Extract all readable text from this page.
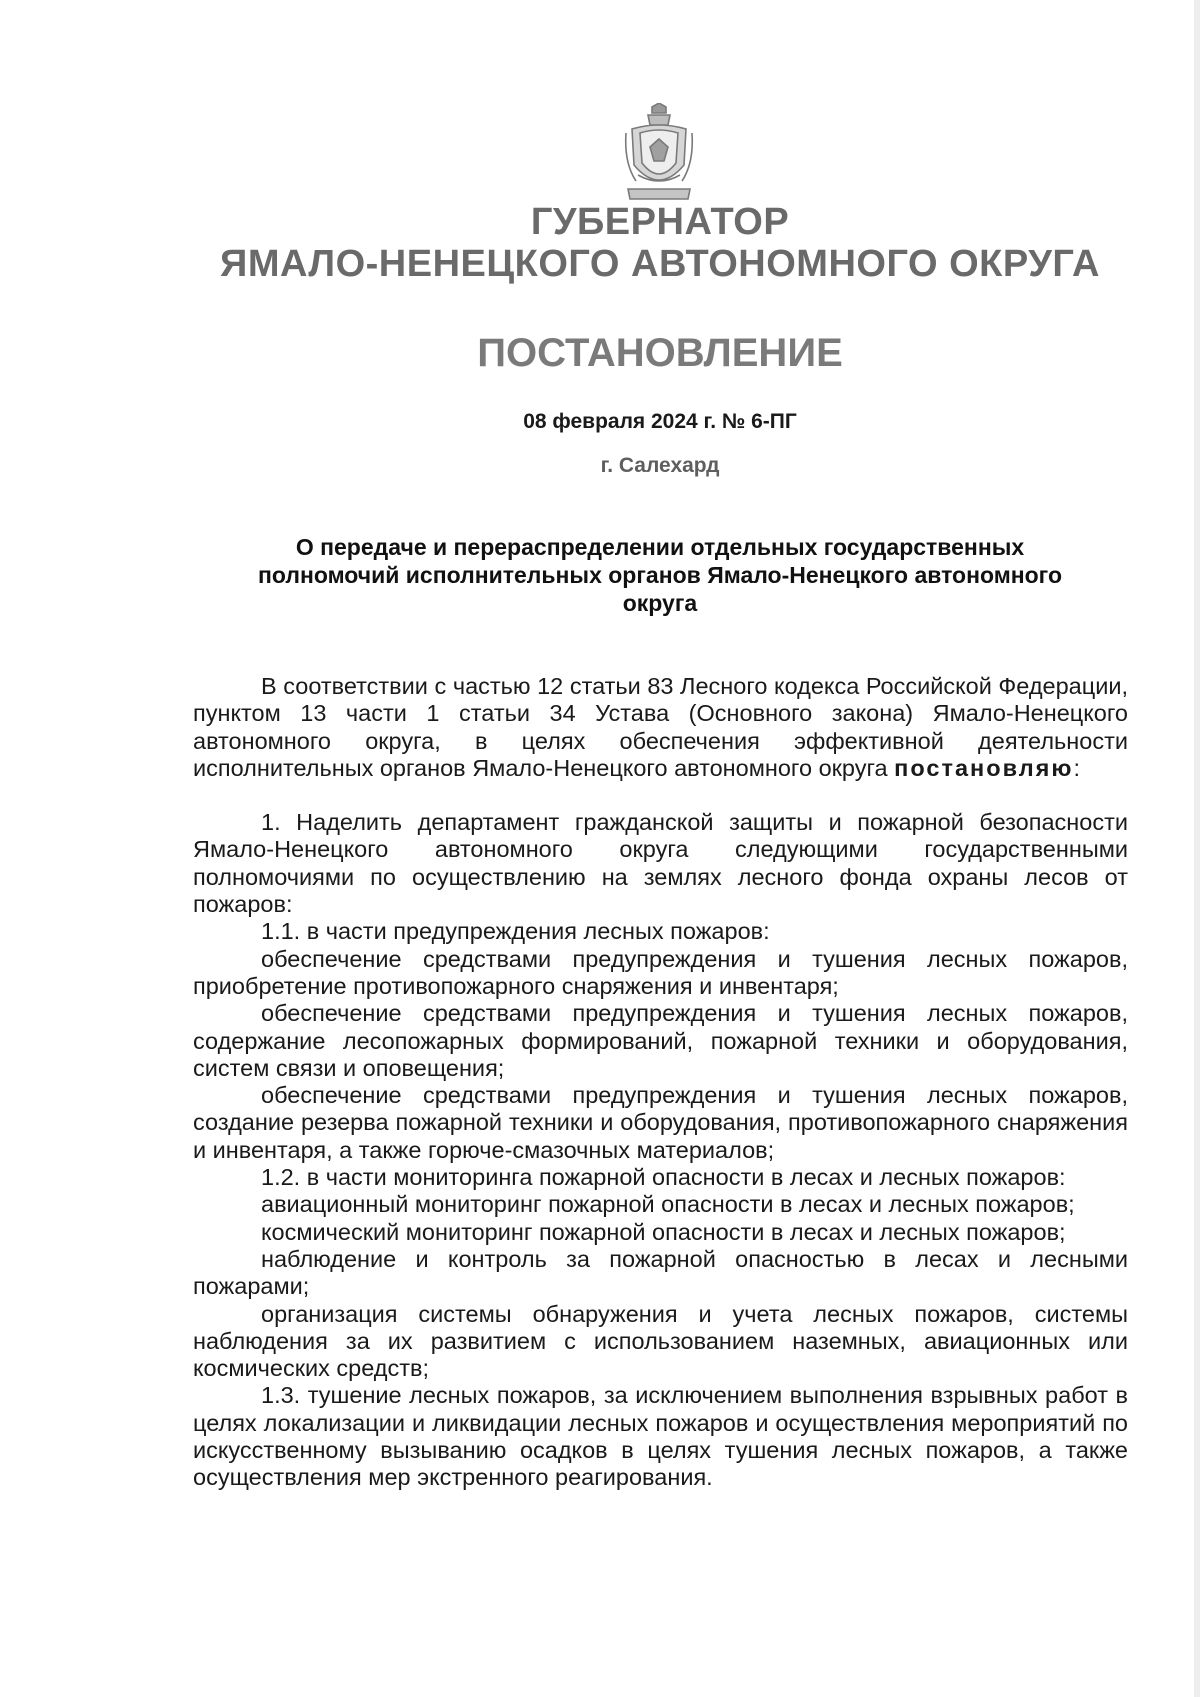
ГУБЕРНАТОР
ЯМАЛО-НЕНЕЦКОГО АВТОНОМНОГО ОКРУГА
ПОСТАНОВЛЕНИЕ
08 февраля 2024 г. № 6-ПГ
г. Салехард
О передаче и перераспределении отдельных государственных полномочий исполнительных органов Ямало-Ненецкого автономного округа

В соответствии с частью 12 статьи 83 Лесного кодекса Российской Федерации, пунктом 13 части 1 статьи 34 Устава (Основного закона) Ямало-Ненецкого автономного округа, в целях обеспечения эффективной деятельности исполнительных органов Ямало-Ненецкого автономного округа постановляю:

1. Наделить департамент гражданской защиты и пожарной безопасности Ямало-Ненецкого автономного округа следующими государственными полномочиями по осуществлению на землях лесного фонда охраны лесов от пожаров:

1.1. в части предупреждения лесных пожаров:

обеспечение средствами предупреждения и тушения лесных пожаров, приобретение противопожарного снаряжения и инвентаря;

обеспечение средствами предупреждения и тушения лесных пожаров, содержание лесопожарных формирований, пожарной техники и оборудования, систем связи и оповещения;

обеспечение средствами предупреждения и тушения лесных пожаров, создание резерва пожарной техники и оборудования, противопожарного снаряжения и инвентаря, а также горюче-смазочных материалов;

1.2. в части мониторинга пожарной опасности в лесах и лесных пожаров:

авиационный мониторинг пожарной опасности в лесах и лесных пожаров;

космический мониторинг пожарной опасности в лесах и лесных пожаров;

наблюдение и контроль за пожарной опасностью в лесах и лесными пожарами;

организация системы обнаружения и учета лесных пожаров, системы наблюдения за их развитием с использованием наземных, авиационных или космических средств;

1.3. тушение лесных пожаров, за исключением выполнения взрывных работ в целях локализации и ликвидации лесных пожаров и осуществления мероприятий по искусственному вызыванию осадков в целях тушения лесных пожаров, а также осуществления мер экстренного реагирования.
